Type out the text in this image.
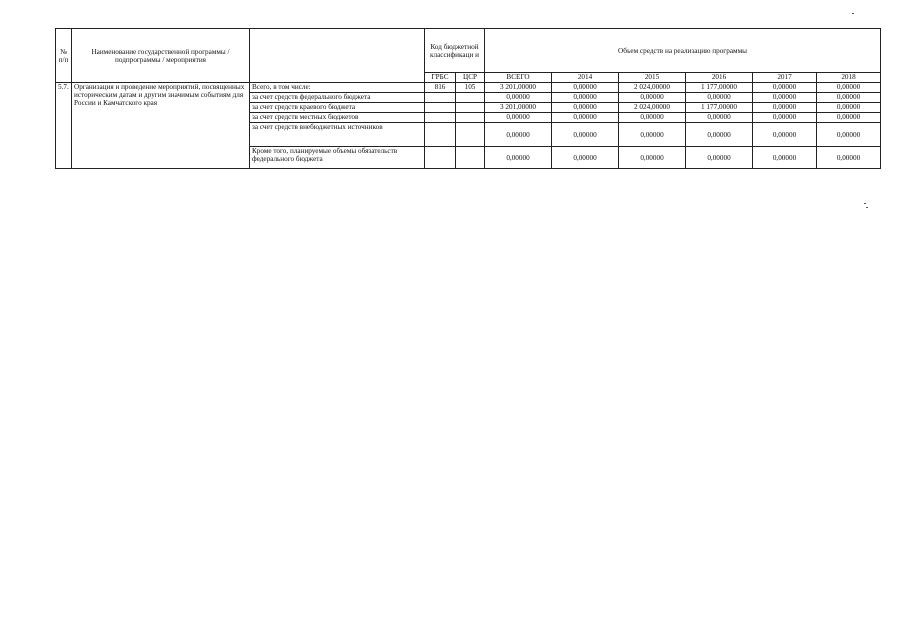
№ п/п	Наименование государственной программы / подпрограммы / мероприятия		Код бюджетной классификаци и		Объем средств на реализацию программы					
			ГРБС	ЦСР	ВСЕГО	2014	2015	2016	2017	2018
5.7.	Организация и проведение мероприятий, посвященных историческим датам и другим значимым событиям для России и Камчатского края	Всего, в том числе:	816	105	3 201,00000	0,00000	2 024,00000	1 177,00000	0,00000	0,00000
		за счет средств федерального бюджета			0,00000	0,00000	0,00000	0,00000	0,00000	0,00000
		за счет средств краевого бюджета			3 201,00000	0,00000	2 024,00000	1 177,00000	0,00000	0,00000
		за счет средств местных бюджетов			0,00000	0,00000	0,00000	0,00000	0,00000	0,00000
		за счет средств внебюджетных источников			0,00000	0,00000	0,00000	0,00000	0,00000	0,00000
		Кроме того, планируемые объемы обязательств федерального бюджета			0,00000	0,00000	0,00000	0,00000	0,00000	0,00000
